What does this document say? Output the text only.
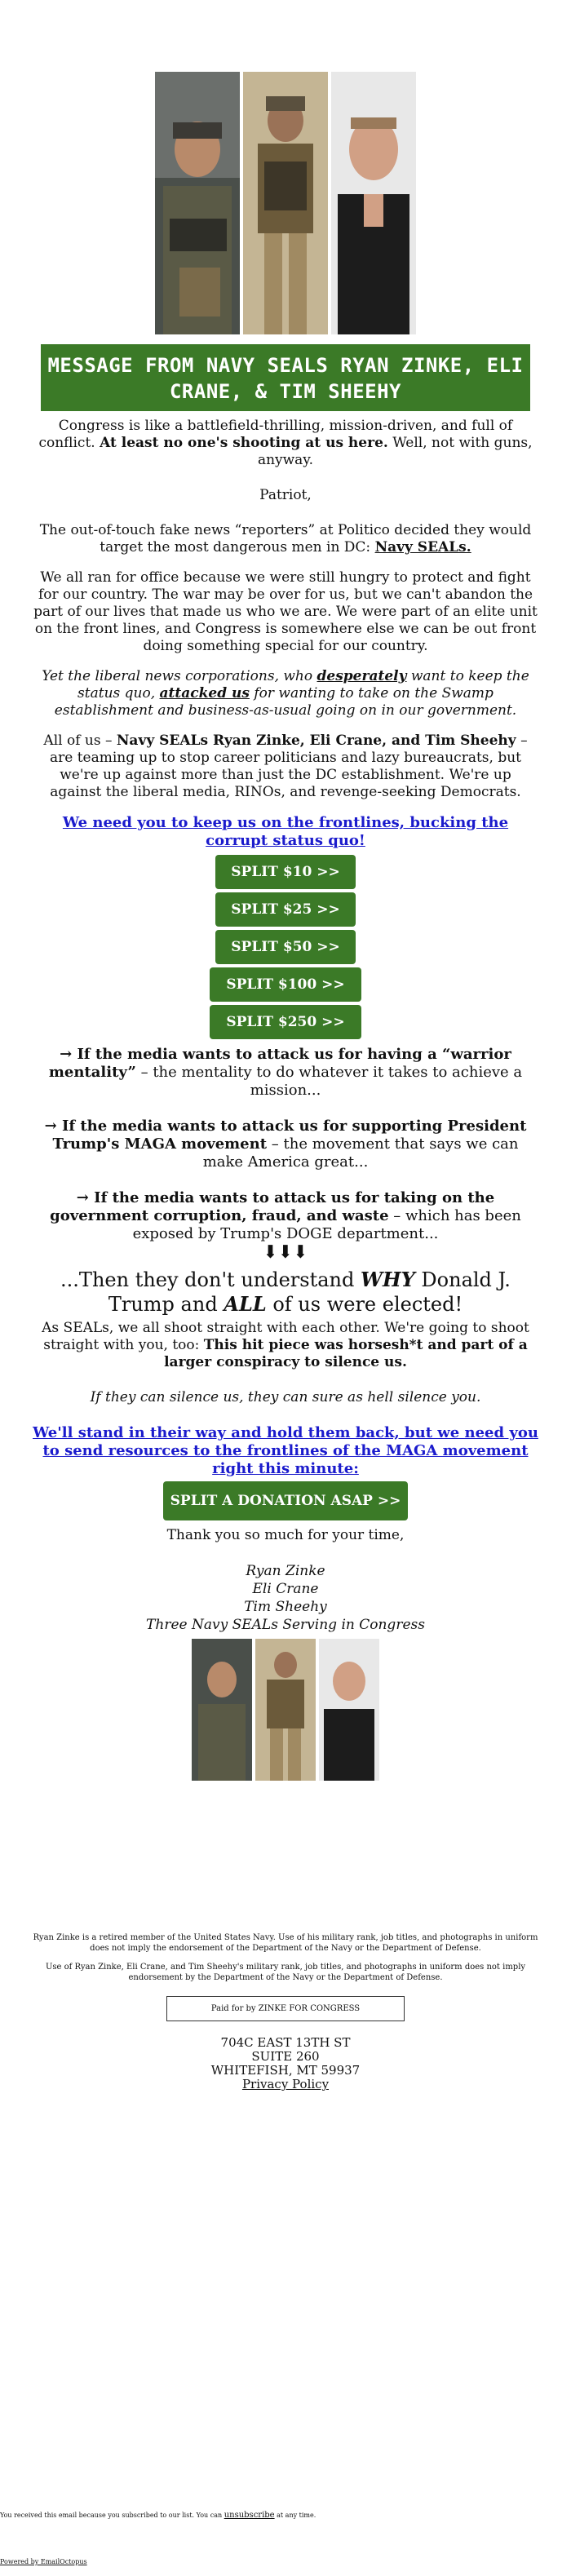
MESSAGE FROM NAVY SEALS RYAN ZINKE, ELI CRANE, & TIM SHEEHY

Congress is like a battlefield-thrilling, mission-driven, and full of conflict. At least no one's shooting at us here. Well, not with guns, anyway.

Patriot,

The out-of-touch fake news “reporters” at Politico decided they would target the most dangerous men in DC: Navy SEALs.

We all ran for office because we were still hungry to protect and fight for our country. The war may be over for us, but we can't abandon the part of our lives that made us who we are. We were part of an elite unit on the front lines, and Congress is somewhere else we can be out front doing something special for our country.

Yet the liberal news corporations, who desperately want to keep the status quo, attacked us for wanting to take on the Swamp establishment and business-as-usual going on in our government.

All of us – Navy SEALs Ryan Zinke, Eli Crane, and Tim Sheehy – are teaming up to stop career politicians and lazy bureaucrats, but we're up against more than just the DC establishment. We're up against the liberal media, RINOs, and revenge-seeking Democrats.

We need you to keep us on the frontlines, bucking the corrupt status quo!
SPLIT $10 >>
SPLIT $25 >>
SPLIT $50 >>
SPLIT $100 >>
SPLIT $250 >>

→ If the media wants to attack us for having a “warrior mentality” – the mentality to do whatever it takes to achieve a mission...

→ If the media wants to attack us for supporting President Trump's MAGA movement – the movement that says we can make America great...

→ If the media wants to attack us for taking on the government corruption, fraud, and waste – which has been exposed by Trump's DOGE department...

⬇⬇⬇

...Then they don't understand WHY Donald J. Trump and ALL of us were elected!

As SEALs, we all shoot straight with each other. We're going to shoot straight with you, too: This hit piece was horsesh*t and part of a larger conspiracy to silence us.

If they can silence us, they can sure as hell silence you.

We'll stand in their way and hold them back, but we need you to send resources to the frontlines of the MAGA movement right this minute:
SPLIT A DONATION ASAP >>

Thank you so much for your time,

Ryan Zinke

Eli Crane

Tim Sheehy

Three Navy SEALs Serving in Congress

Ryan Zinke is a retired member of the United States Navy. Use of his military rank, job titles, and photographs in uniform does not imply the endorsement of the Department of the Navy or the Department of Defense.
Use of Ryan Zinke, Eli Crane, and Tim Sheehy's military rank, job titles, and photographs in uniform does not imply endorsement by the Department of the Navy or the Department of Defense.
Paid for by ZINKE FOR CONGRESS
704C EAST 13TH ST
SUITE 260
WHITEFISH, MT 59937
Privacy Policy
You received this email because you subscribed to our list. You can unsubscribe at any time.
Powered by EmailOctopus
